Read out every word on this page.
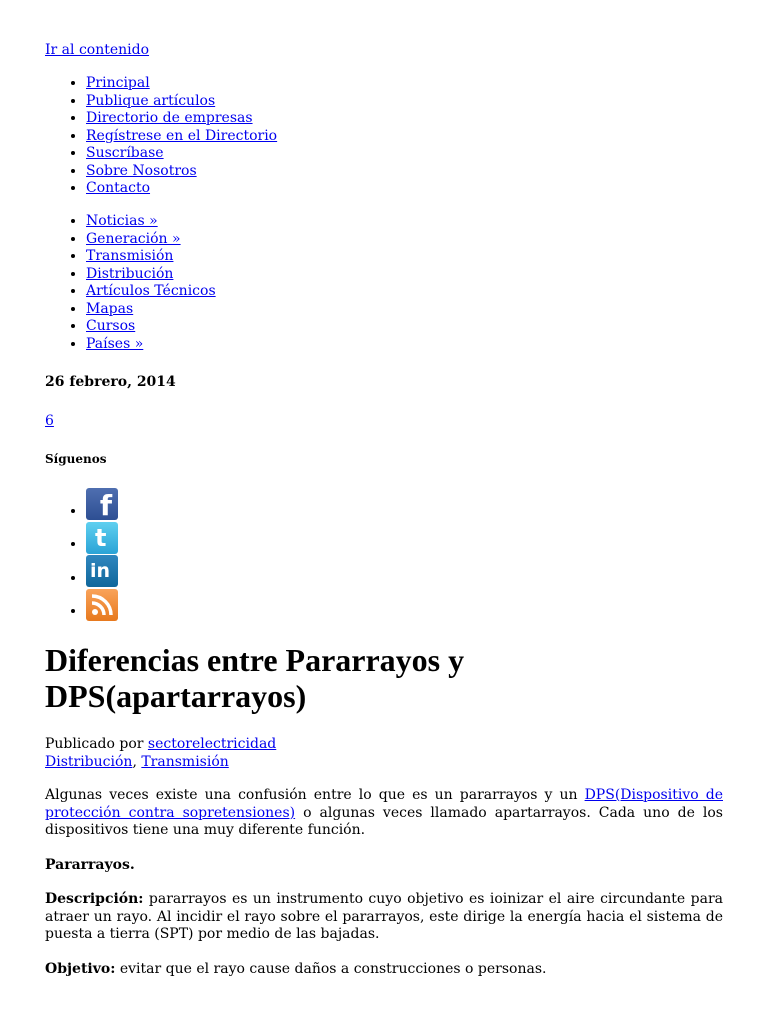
Ir al contenido
• Principal
• Publique artículos
• Directorio de empresas
• Regístrese en el Directorio
• Suscríbase
• Sobre Nosotros
• Contacto
• Noticias »
• Generación »
• Transmisión
• Distribución
• Artículos Técnicos
• Mapas
• Cursos
• Países »
26 febrero, 2014
6
Síguenos
• f
• t
• in
•
Diferencias entre Pararrayos y DPS(apartarrayos)
Publicado por sectorelectricidad
Distribución, Transmisión

Algunas veces existe una confusión entre lo que es un pararrayos y un DPS(Dispositivo de protección contra sopretensiones) o algunas veces llamado apartarrayos. Cada uno de los dispositivos tiene una muy diferente función.

Pararrayos.

Descripción: pararrayos es un instrumento cuyo objetivo es ioinizar el aire circundante para atraer un rayo. Al incidir el rayo sobre el pararrayos, este dirige la energía hacia el sistema de puesta a tierra (SPT) por medio de las bajadas.

Objetivo: evitar que el rayo cause daños a construcciones o personas.
